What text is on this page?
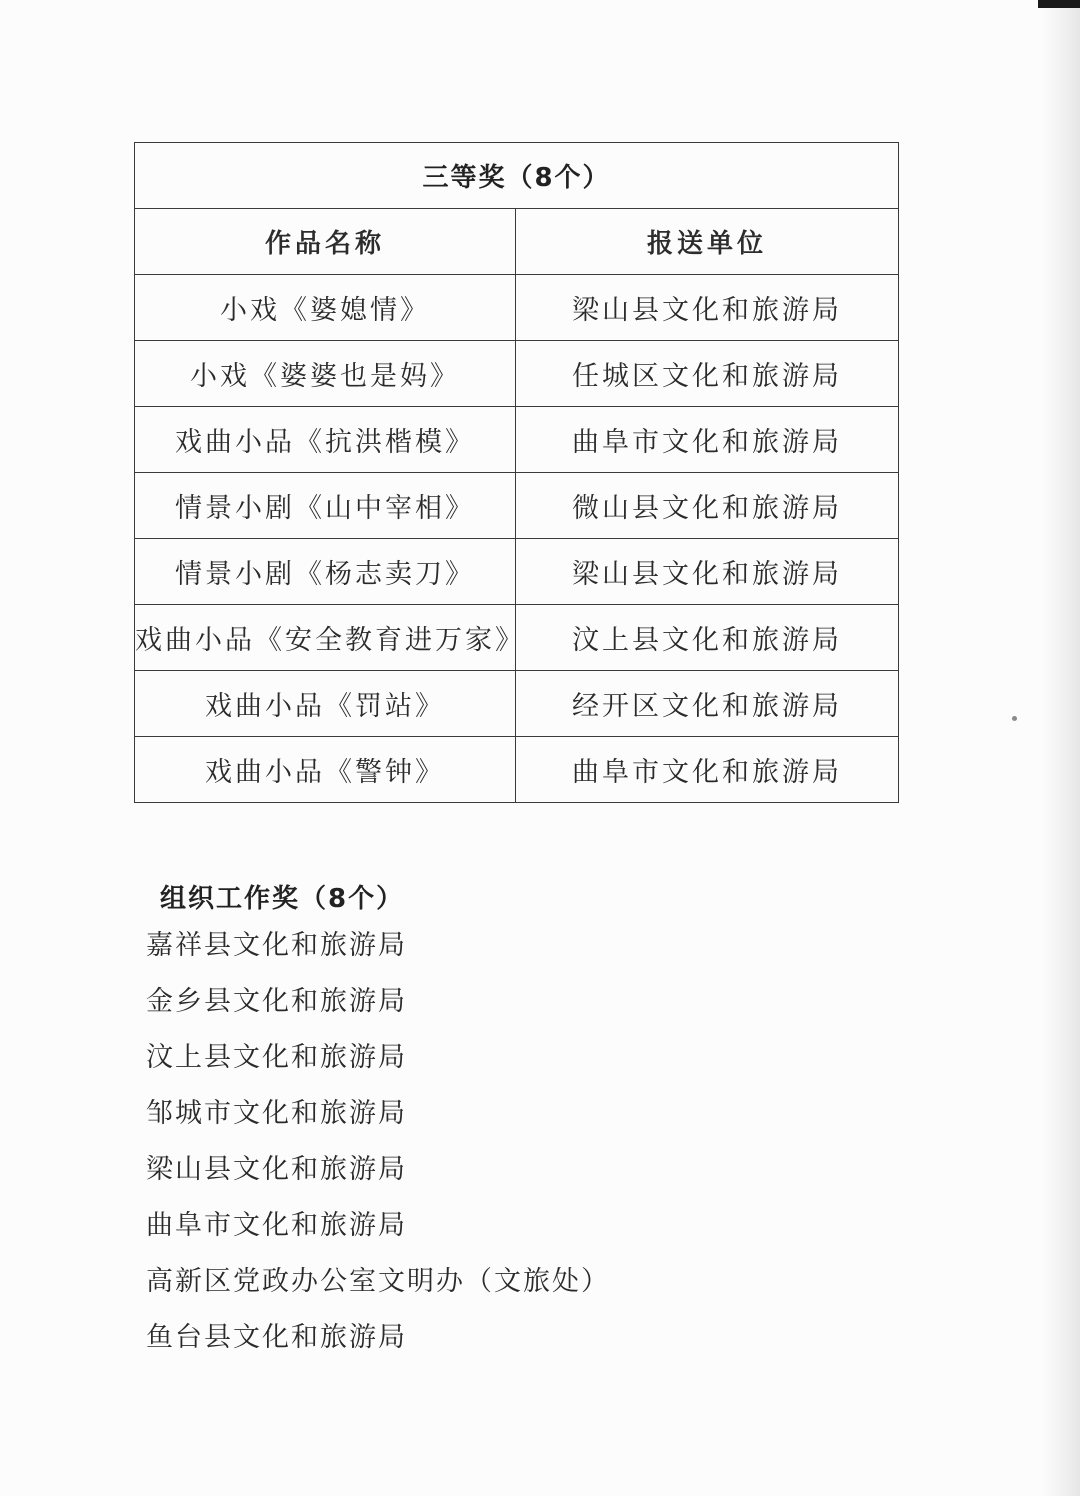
三等奖（8个）	
作品名称	报送单位
小戏《婆媳情》	梁山县文化和旅游局
小戏《婆婆也是妈》	任城区文化和旅游局
戏曲小品《抗洪楷模》	曲阜市文化和旅游局
情景小剧《山中宰相》	微山县文化和旅游局
情景小剧《杨志卖刀》	梁山县文化和旅游局
戏曲小品《安全教育进万家》	汶上县文化和旅游局
戏曲小品《罚站》	经开区文化和旅游局
戏曲小品《警钟》	曲阜市文化和旅游局
组织工作奖（8个）
嘉祥县文化和旅游局
金乡县文化和旅游局
汶上县文化和旅游局
邹城市文化和旅游局
梁山县文化和旅游局
曲阜市文化和旅游局
高新区党政办公室文明办（文旅处）
鱼台县文化和旅游局
